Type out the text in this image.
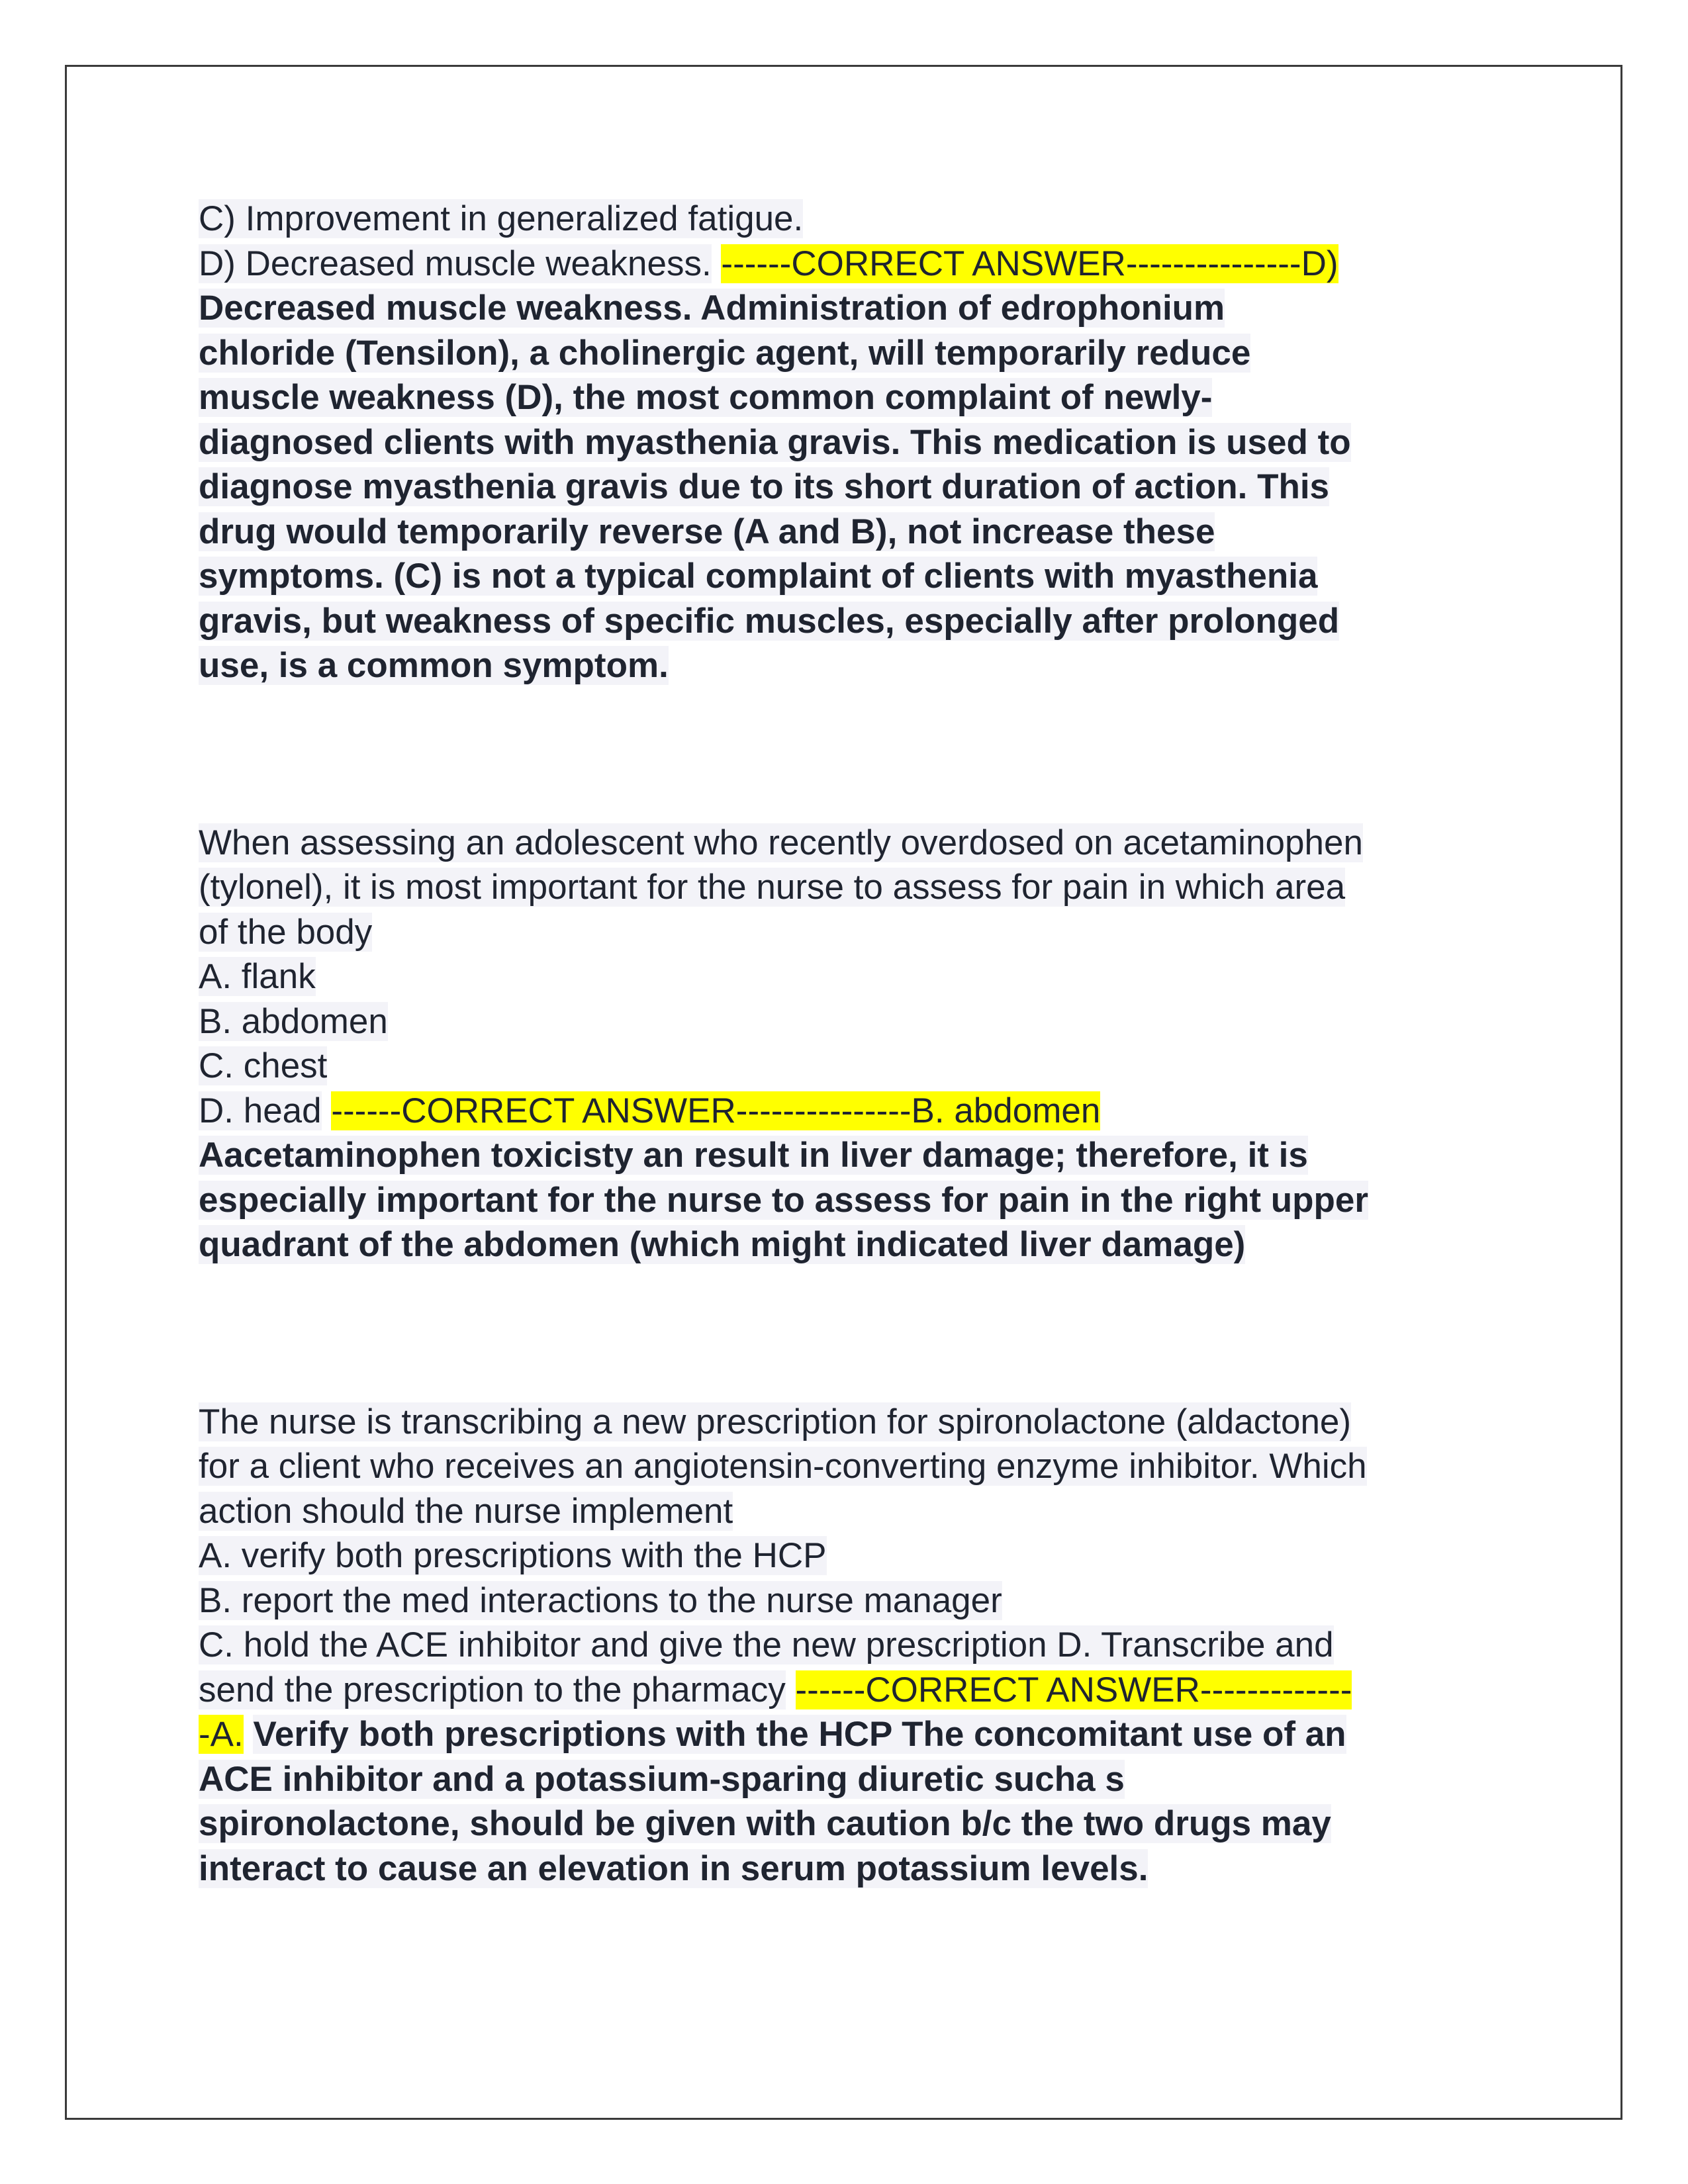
C) Improvement in generalized fatigue.
D) Decreased muscle weakness. ------CORRECT ANSWER---------------D)
Decreased muscle weakness. Administration of edrophonium
chloride (Tensilon), a cholinergic agent, will temporarily reduce
muscle weakness (D), the most common complaint of newly-
diagnosed clients with myasthenia gravis. This medication is used to
diagnose myasthenia gravis due to its short duration of action. This
drug would temporarily reverse (A and B), not increase these
symptoms. (C) is not a typical complaint of clients with myasthenia
gravis, but weakness of specific muscles, especially after prolonged
use, is a common symptom.
When assessing an adolescent who recently overdosed on acetaminophen
(tylonel), it is most important for the nurse to assess for pain in which area
of the body
A. flank
B. abdomen
C. chest
D. head ------CORRECT ANSWER---------------B. abdomen
Aacetaminophen toxicisty an result in liver damage; therefore, it is
especially important for the nurse to assess for pain in the right upper
quadrant of the abdomen (which might indicated liver damage)
The nurse is transcribing a new prescription for spironolactone (aldactone)
for a client who receives an angiotensin-converting enzyme inhibitor. Which
action should the nurse implement
A. verify both prescriptions with the HCP
B. report the med interactions to the nurse manager
C. hold the ACE inhibitor and give the new prescription D. Transcribe and
send the prescription to the pharmacy ------CORRECT ANSWER-------------
-A. Verify both prescriptions with the HCP The concomitant use of an
ACE inhibitor and a potassium-sparing diuretic sucha s
spironolactone, should be given with caution b/c the two drugs may
interact to cause an elevation in serum potassium levels.
